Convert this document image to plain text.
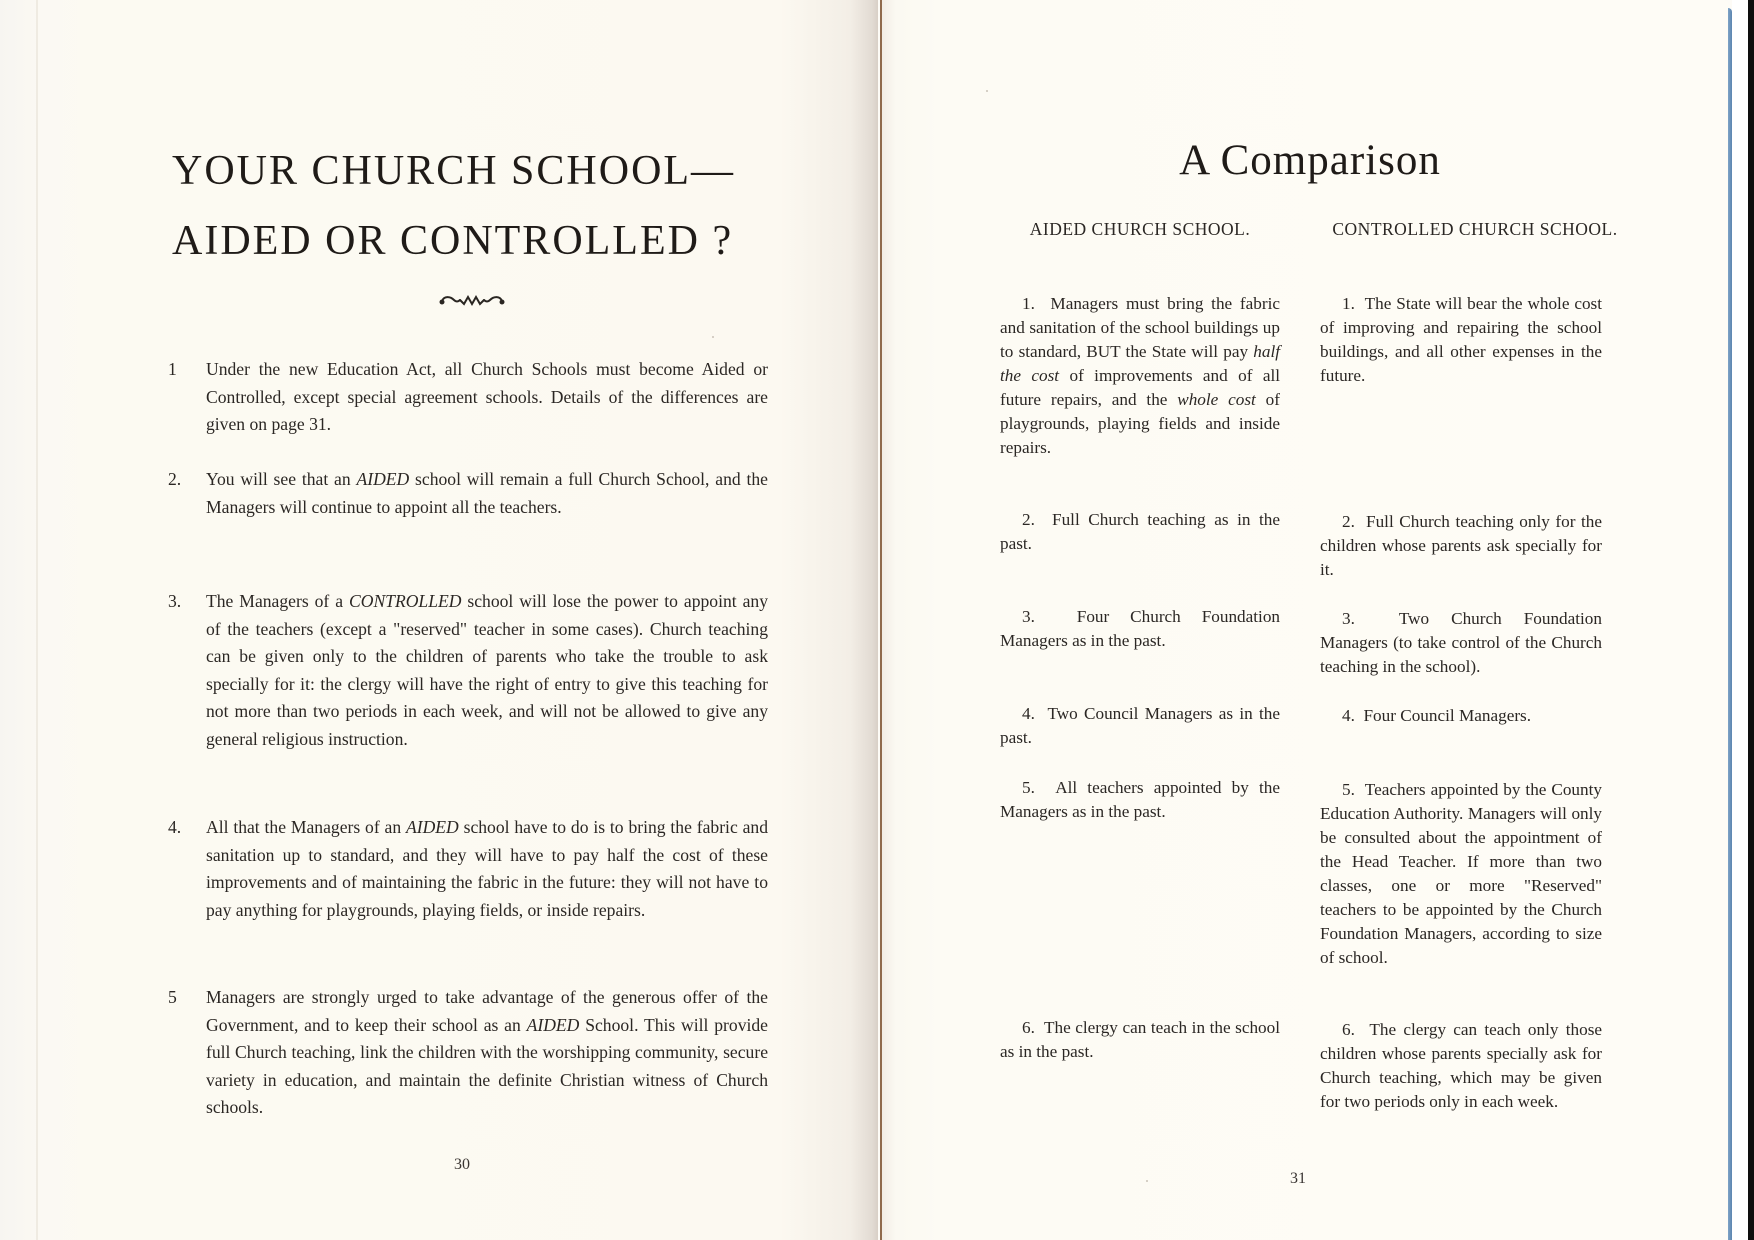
YOUR CHURCH SCHOOL—
AIDED OR CONTROLLED ?
1 Under the new Education Act, all Church Schools must become Aided or Controlled, except special agreement schools. Details of the differences are given on page 31.
2. You will see that an AIDED school will remain a full Church School, and the Managers will continue to appoint all the teachers.
3. The Managers of a CONTROLLED school will lose the power to appoint any of the teachers (except a "reserved" teacher in some cases). Church teaching can be given only to the children of parents who take the trouble to ask specially for it: the clergy will have the right of entry to give this teaching for not more than two periods in each week, and will not be allowed to give any general religious instruction.
4. All that the Managers of an AIDED school have to do is to bring the fabric and sanitation up to standard, and they will have to pay half the cost of these improvements and of maintaining the fabric in the future: they will not have to pay anything for playgrounds, playing fields, or inside repairs.
5 Managers are strongly urged to take advantage of the generous offer of the Government, and to keep their school as an AIDED School. This will provide full Church teaching, link the children with the worshipping community, secure variety in education, and maintain the definite Christian witness of Church schools.
30
A Comparison
AIDED CHURCH SCHOOL.	CONTROLLED CHURCH SCHOOL.
1. Managers must bring the fabric and sanitation of the school buildings up to standard, BUT the State will pay half the cost of improvements and of all future repairs, and the whole cost of playgrounds, playing fields and inside repairs.
2. Full Church teaching as in the past.
3. Four Church Foundation Managers as in the past.
4. Two Council Managers as in the past.
5. All teachers appointed by the Managers as in the past.
6. The clergy can teach in the school as in the past.
1. The State will bear the whole cost of improving and repairing the school buildings, and all other expenses in the future.
2. Full Church teaching only for the children whose parents ask specially for it.
3.	Two Church Foundation Managers (to take control of the Church teaching in the school).
4. Four Council Managers.
5. Teachers appointed by the County Education Authority. Managers will only be consulted about the appointment of the Head Teacher. If more than two classes, one or more "Reserved" teachers to be appointed by the Church Foundation Managers, according to size of school.
6. The clergy can teach only those children whose parents specially ask for Church teaching, which may be given for two periods only in each week.
31
